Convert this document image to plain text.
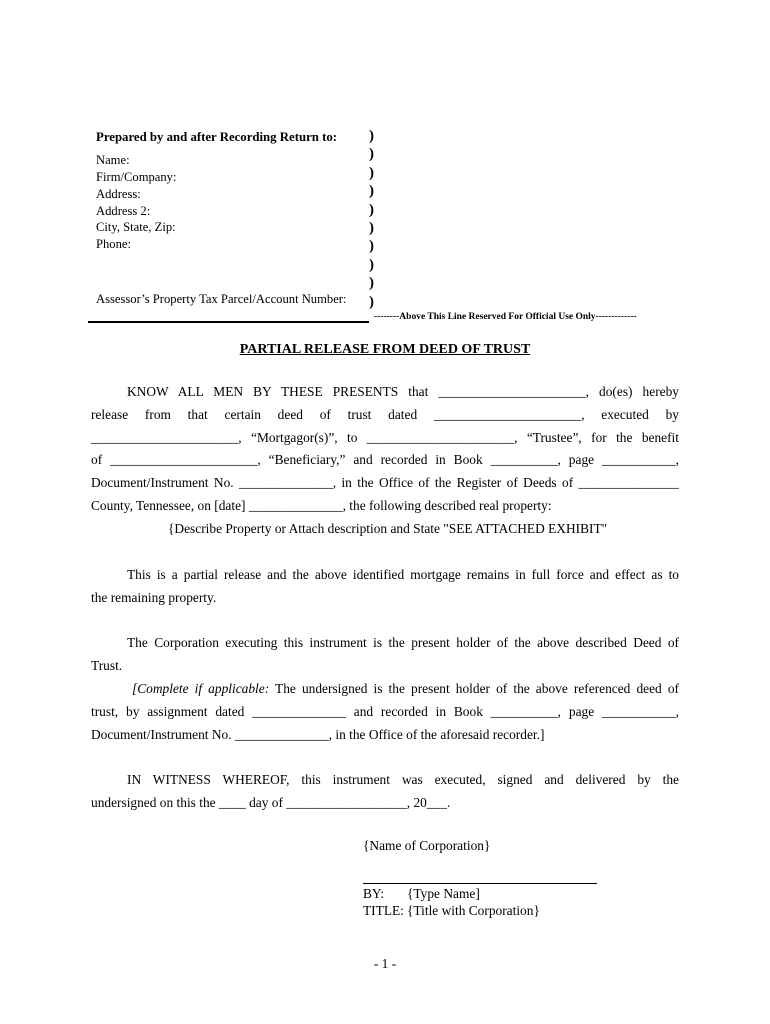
Prepared by and after Recording Return to:
Name:
Firm/Company:
Address:
Address 2:
City, State, Zip:
Phone:
Assessor’s Property Tax Parcel/Account Number:
)
)
)
)
)
)
)
)
)
)
--------Above This Line Reserved For Official Use Only-------------
PARTIAL RELEASE FROM DEED OF TRUST
KNOW ALL MEN BY THESE PRESENTS that ______________________, do(es) hereby
release from that certain deed of trust dated ______________________, executed by
______________________, “Mortgagor(s)”, to ______________________, “Trustee”, for the benefit
of ______________________, “Beneficiary,” and recorded in Book __________, page ___________,
Document/Instrument No. ______________, in the Office of the Register of Deeds of _______________
County, Tennessee, on [date] ______________, the following described real property:
{Describe Property or Attach description and State "SEE ATTACHED EXHIBIT"
This is a partial release and the above identified mortgage remains in full force and effect as to
the remaining property.
The Corporation executing this instrument is the present holder of the above described Deed of
Trust.
[Complete if applicable: The undersigned is the present holder of the above referenced deed of
trust, by assignment dated ______________ and recorded in Book __________, page ___________,
Document/Instrument No. ______________, in the Office of the aforesaid recorder.]
IN WITNESS WHEREOF, this instrument was executed, signed and delivered by the
undersigned on this the ____ day of __________________, 20___.
{Name of Corporation}
BY: {Type Name]
TITLE: {Title with Corporation}
- 1 -
